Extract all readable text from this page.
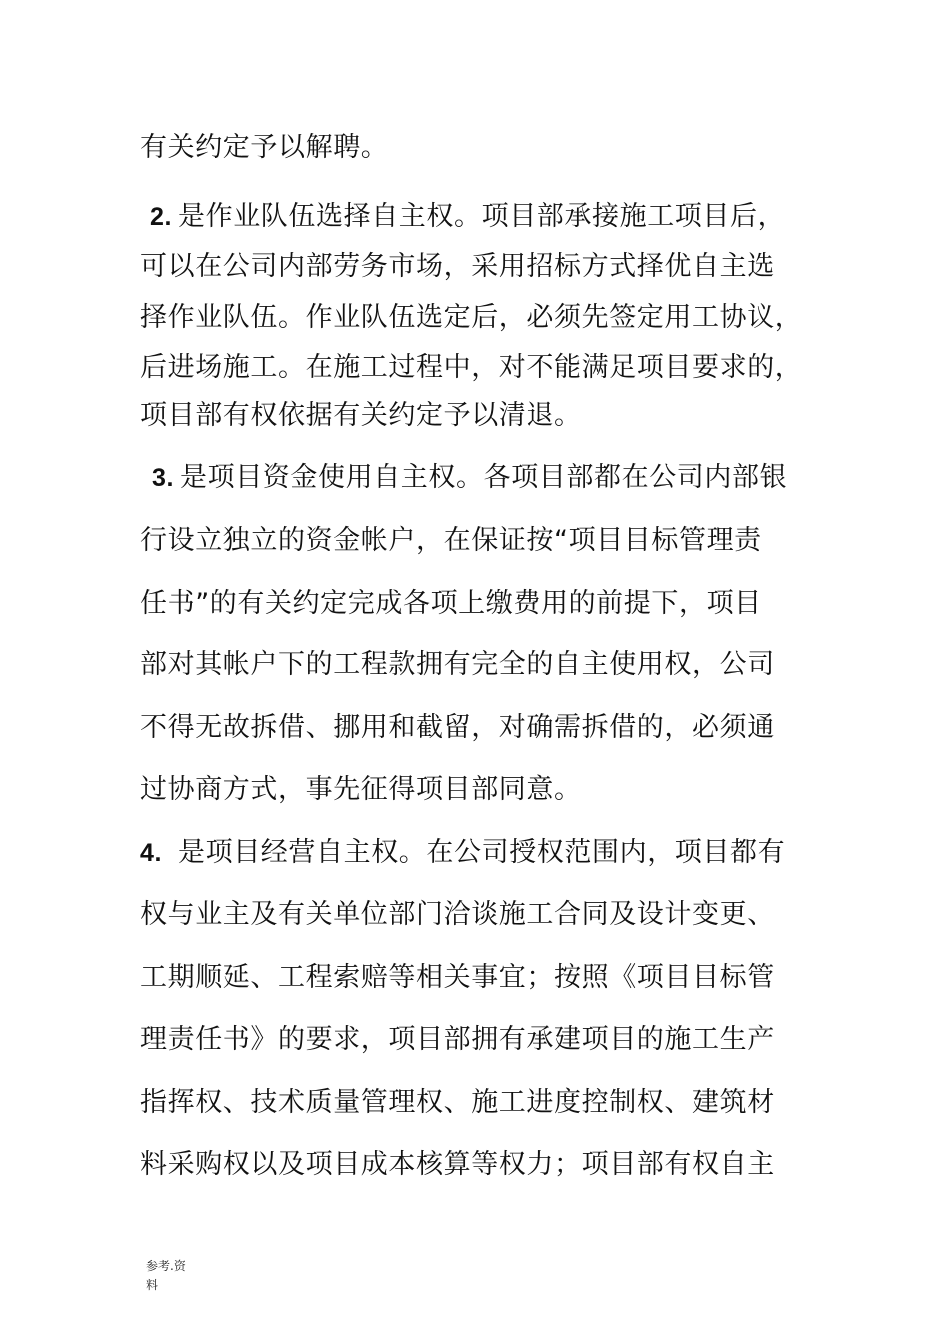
有关约定予以解聘。
2. 是作业队伍选择自主权。项目部承接施工项目后，
可以在公司内部劳务市场，采用招标方式择优自主选
择作业队伍。作业队伍选定后，必须先签定用工协议，
后进场施工。在施工过程中，对不能满足项目要求的，
项目部有权依据有关约定予以清退。
3. 是项目资金使用自主权。各项目部都在公司内部银
行设立独立的资金帐户，在保证按“项目目标管理责
任书”的有关约定完成各项上缴费用的前提下，项目
部对其帐户下的工程款拥有完全的自主使用权，公司
不得无故拆借、挪用和截留，对确需拆借的，必须通
过协商方式，事先征得项目部同意。
4. 是项目经营自主权。在公司授权范围内，项目都有
权与业主及有关单位部门洽谈施工合同及设计变更、
工期顺延、工程索赔等相关事宜；按照《项目目标管
理责任书》的要求，项目部拥有承建项目的施工生产
指挥权、技术质量管理权、施工进度控制权、建筑材
料采购权以及项目成本核算等权力；项目部有权自主
参考.资
料
